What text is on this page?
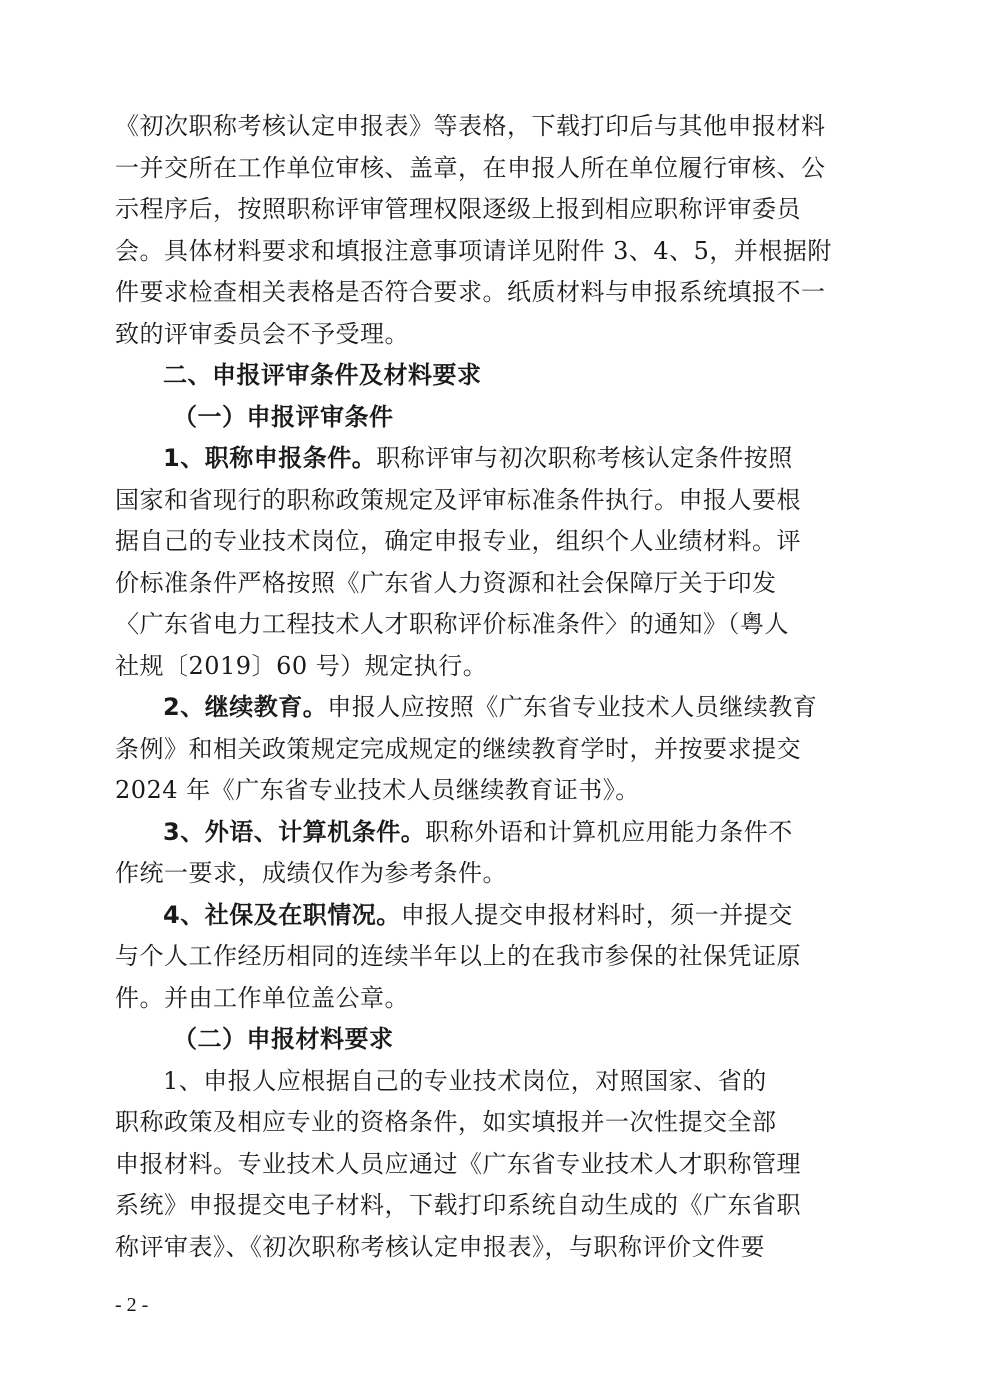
《初次职称考核认定申报表》等表格，下载打印后与其他申报材料
一并交所在工作单位审核、盖章，在申报人所在单位履行审核、公
示程序后，按照职称评审管理权限逐级上报到相应职称评审委员
会。具体材料要求和填报注意事项请详见附件 3、4、5，并根据附
件要求检查相关表格是否符合要求。纸质材料与申报系统填报不一
致的评审委员会不予受理。
二、申报评审条件及材料要求
（一）申报评审条件
1、职称申报条件。职称评审与初次职称考核认定条件按照
国家和省现行的职称政策规定及评审标准条件执行。申报人要根
据自己的专业技术岗位，确定申报专业，组织个人业绩材料。评
价标准条件严格按照《广东省人力资源和社会保障厅关于印发
〈广东省电力工程技术人才职称评价标准条件〉的通知》（粤人
社规〔2019〕60 号）规定执行。
2、继续教育。申报人应按照《广东省专业技术人员继续教育
条例》和相关政策规定完成规定的继续教育学时，并按要求提交
2024 年《广东省专业技术人员继续教育证书》。
3、外语、计算机条件。职称外语和计算机应用能力条件不
作统一要求，成绩仅作为参考条件。
4、社保及在职情况。申报人提交申报材料时，须一并提交
与个人工作经历相同的连续半年以上的在我市参保的社保凭证原
件。并由工作单位盖公章。
（二）申报材料要求
1、申报人应根据自己的专业技术岗位，对照国家、省的
职称政策及相应专业的资格条件，如实填报并一次性提交全部
申报材料。专业技术人员应通过《广东省专业技术人才职称管理
系统》申报提交电子材料，下载打印系统自动生成的《广东省职
称评审表》、《初次职称考核认定申报表》，与职称评价文件要
- 2 -
